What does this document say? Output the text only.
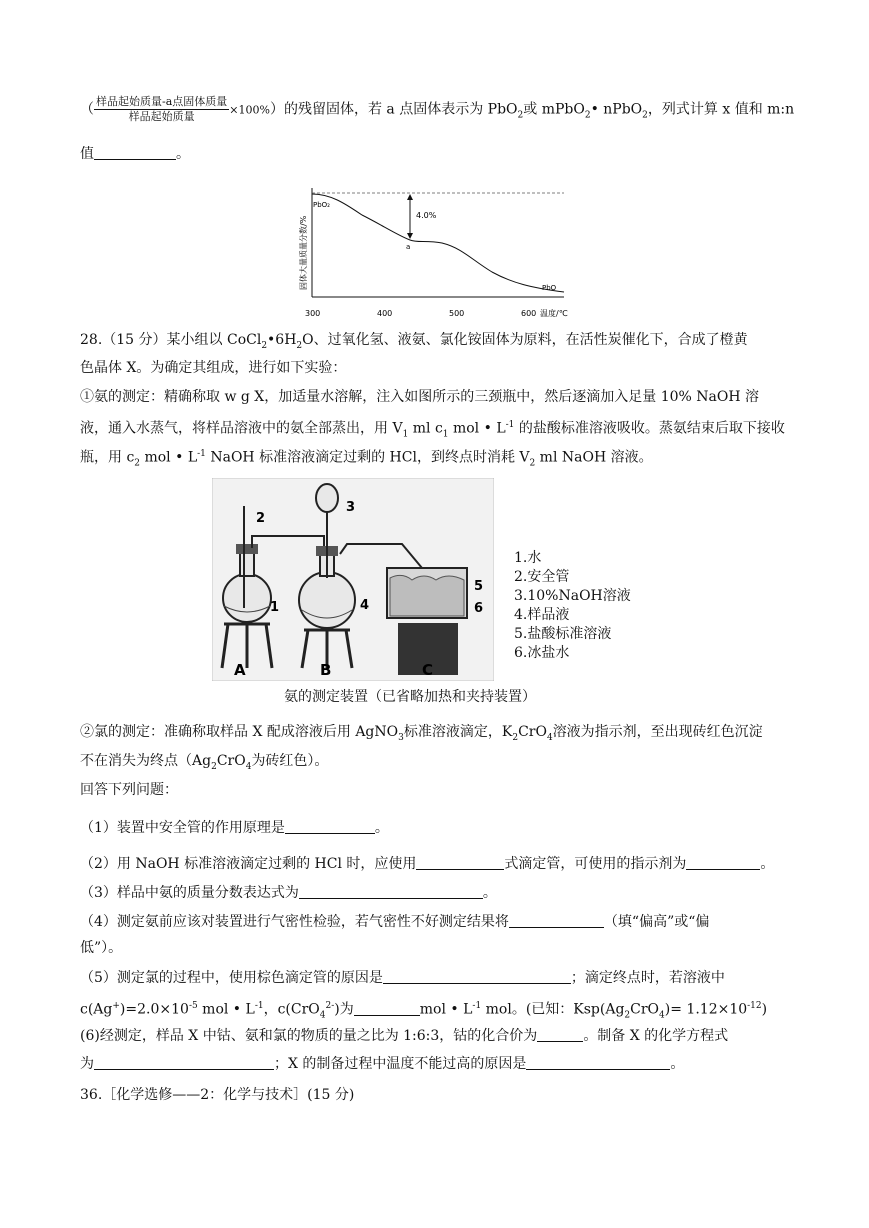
（ $\frac{\text{样品起始质量-a点固体质量}}{\text{样品起始质量}} \times 100\%$）的残留固体，若 a 点固体表示为 PbO$_2$或 mPbO$_2$• nPbO$_2$，列式计算 x 值和 m:n
值	。
4.0%
a
PbO₂
PbO
固体大量质量分数/%
300	400	500	600 温度/℃
28.（15 分）某小组以 $CoCl_2•6H_2O$、过氧化氢、液氨、氯化铵固体为原料，在活性炭催化下，合成了橙黄
色晶体 X。为确定其组成，进行如下实验：
①氨的测定：精确称取 w g X，加适量水溶解，注入如图所示的三颈瓶中，然后逐滴加入足量 10% NaOH 溶
液，通入水蒸气，将样品溶液中的氨全部蒸出，用 $V_1$ ml $c_1$ mol • $L^{-1}$ 的盐酸标准溶液吸收。蒸氨结束后取下接收
瓶，用 $c_2$ mol • $L^{-1}$ NaOH 标准溶液滴定过剩的 HCl，到终点时消耗 $V_2$ ml NaOH 溶液。
2
1
3
4
5
6
A	B	C
1.水
2.安全管
3.10%NaOH溶液
4.样品液
5.盐酸标准溶液
6.冰盐水
氨的测定装置（已省略加热和夹持装置）
②氯的测定：准确称取样品 X 配成溶液后用 AgNO$_3$标准溶液滴定，$K_2CrO_4$溶液为指示剂，至出现砖红色沉淀
不在消失为终点（$Ag_2CrO_4$为砖红色）。
回答下列问题：
（1）装置中安全管的作用原理是	。
（2）用 NaOH 标准溶液滴定过剩的 HCl 时，应使用	式滴定管，可使用的指示剂为	。
（3）样品中氨的质量分数表达式为	。
（4）测定氨前应该对装置进行气密性检验，若气密性不好测定结果将	（填“偏高”或“偏
低”）。
（5）测定氯的过程中，使用棕色滴定管的原因是	；滴定终点时，若溶液中
$c(Ag^+)=2.0\times 10^{-5}$ mol • $L^{-1}$，c(CrO$_4^{2-}$)为	mol • $L^{-1}$ mol。(已知：$Ksp(Ag_2CrO_4)= 1.12\times 10^{-12}$)
(6)经测定，样品 X 中钴、氨和氯的物质的量之比为 1:6:3，钴的化合价为	。制备 X 的化学方程式
为	；X 的制备过程中温度不能过高的原因是	。
36.［化学选修——2：化学与技术］(15 分)
